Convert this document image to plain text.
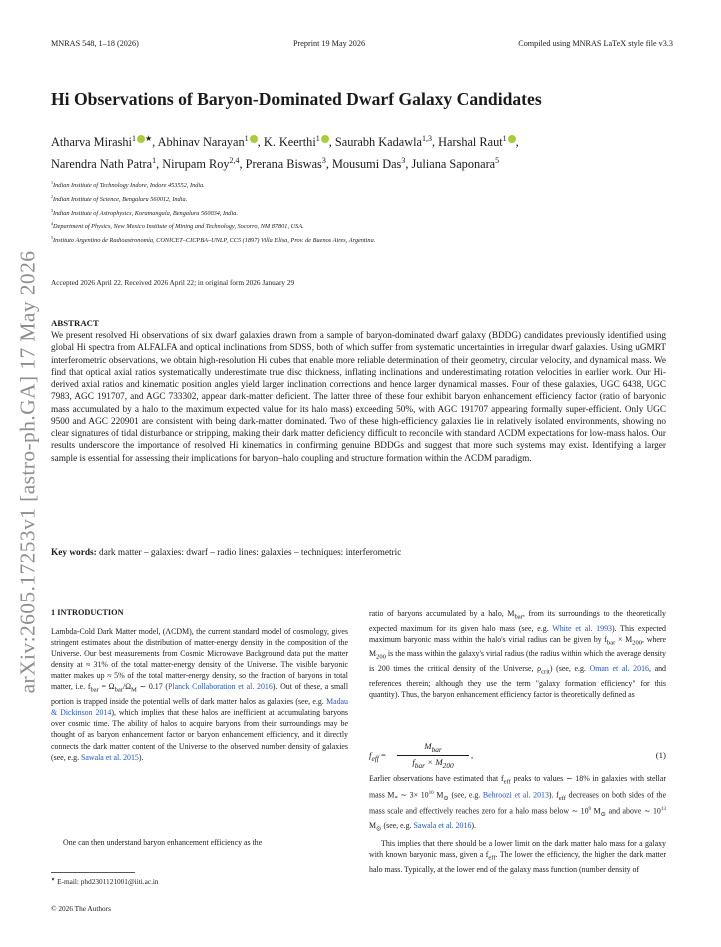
MNRAS 548, 1–18 (2026)	Preprint 19 May 2026	Compiled using MNRAS LaTeX style file v3.3
arXiv:2605.17253v1 [astro-ph.GA] 17 May 2026
Hi Observations of Baryon-Dominated Dwarf Galaxy Candidates
Atharva Mirashi$^1$ ★, Abhinav Narayan$^1$ , K. Keerthi$^1$ , Saurabh Kadawla$^{1,3}$, Harshal Raut$^1$ ,
Narendra Nath Patra$^1$, Nirupam Roy$^{2,4}$, Prerana Biswas$^3$, Mousumi Das$^3$, Juliana Saponara$^5$
$^1$Indian Institute of Technology Indore, Indore 453552, India.
$^2$Indian Institute of Science, Bengaluru 560012, India.
$^3$Indian Institute of Astrophysics, Koramangala, Bengaluru 560034, India.
$^4$Department of Physics, New Mexico Institute of Mining and Technology, Socorro, NM 87801, USA.
$^5$Instituto Argentino de Radioastronomía, CONICET–CICPBA–UNLP, CC5 (1897) Villa Elisa, Prov. de Buenos Aires, Argentina.
Accepted 2026 April 22. Received 2026 April 22; in original form 2026 January 29
ABSTRACT
We present resolved Hi observations of six dwarf galaxies drawn from a sample of baryon-dominated dwarf galaxy (BDDG) candidates previously identified using global Hi spectra from ALFALFA and optical inclinations from SDSS, both of which suffer from systematic uncertainties in irregular dwarf galaxies. Using uGMRT interferometric observations, we obtain high-resolution Hi cubes that enable more reliable determination of their geometry, circular velocity, and dynamical mass. We find that optical axial ratios systematically underestimate true disc thickness, inflating inclinations and underestimating rotation velocities in earlier work. Our Hi-derived axial ratios and kinematic position angles yield larger inclination corrections and hence larger dynamical masses. Four of these galaxies, UGC 6438, UGC 7983, AGC 191707, and AGC 733302, appear dark-matter deficient. The latter three of these four exhibit baryon enhancement efficiency factor (ratio of baryonic mass accumulated by a halo to the maximum expected value for its halo mass) exceeding 50%, with AGC 191707 appearing formally super-efficient. Only UGC 9500 and AGC 220901 are consistent with being dark-matter dominated. Two of these high-efficiency galaxies lie in relatively isolated environments, showing no clear signatures of tidal disturbance or stripping, making their dark matter deficiency difficult to reconcile with standard ΛCDM expectations for low-mass halos. Our results underscore the importance of resolved Hi kinematics in confirming genuine BDDGs and suggest that more such systems may exist. Identifying a larger sample is essential for assessing their implications for baryon–halo coupling and structure formation within the ΛCDM paradigm.
Key words: dark matter – galaxies: dwarf – radio lines: galaxies – techniques: interferometric
1 INTRODUCTION
Lambda-Cold Dark Matter model, (ΛCDM), the current standard model of cosmology, gives stringent estimates about the distribution of matter-energy density in the composition of the Universe. Our best measurements from Cosmic Microwave Background data put the matter density at ≈ 31% of the total matter-energy density of the Universe. The visible baryonic matter makes up ≈ 5% of the total matter-energy density, so the fraction of baryons in total matter, i.e. $f_{bar} = \Omega_{bar}/\Omega_M$ ∼ 0.17 (Planck Collaboration et al. 2016). Out of these, a small portion is trapped inside the potential wells of dark matter halos as galaxies (see, e.g. Madau & Dickinson 2014), which implies that these halos are inefficient at accumulating baryons over cosmic time. The ability of halos to acquire baryons from their surroundings may be thought of as baryon enhancement factor or baryon enhancement efficiency, and it directly connects the dark matter content of the Universe to the observed number density of galaxies (see, e.g. Sawala et al. 2015).
One can then understand baryon enhancement efficiency as the
ratio of baryons accumulated by a halo, $M_{bar}$, from its surroundings to the theoretically expected maximum for its given halo mass (see, e.g. White et al. 1993). This expected maximum baryonic mass within the halo's virial radius can be given by $f_{bar} \times M_{200}$, where $M_{200}$ is the mass within the galaxy's virial radius (the radius within which the average density is 200 times the critical density of the Universe, $\rho_{crit}$) (see, e.g. Oman et al. 2016, and references therein; although they use the term "galaxy formation efficiency" for this quantity). Thus, the baryon enhancement efficiency factor is theoretically defined as
$f_{eff}$ =
$M_{bar}$
$f_{bar} \times M_{200}$
,	(1)
Earlier observations have estimated that $f_{eff}$ peaks to values ∼ 18% in galaxies with stellar mass $M_*$ ∼ $3\times 10^{10}$ $M_⊙$ (see, e.g. Behroozi et al. 2013). $f_{eff}$ decreases on both sides of the mass scale and effectively reaches zero for a halo mass below ∼ $10^9$ $M_⊙$ and above ∼ $10^{13}$ $M_⊙$ (see, e.g. Sawala et al. 2016).
This implies that there should be a lower limit on the dark matter halo mass for a galaxy with known baryonic mass, given a $f_{eff}$. The lower the efficiency, the higher the dark matter halo mass. Typically, at the lower end of the galaxy mass function (number density of
★ E-mail: phd2301121001@iiti.ac.in
© 2026 The Authors
